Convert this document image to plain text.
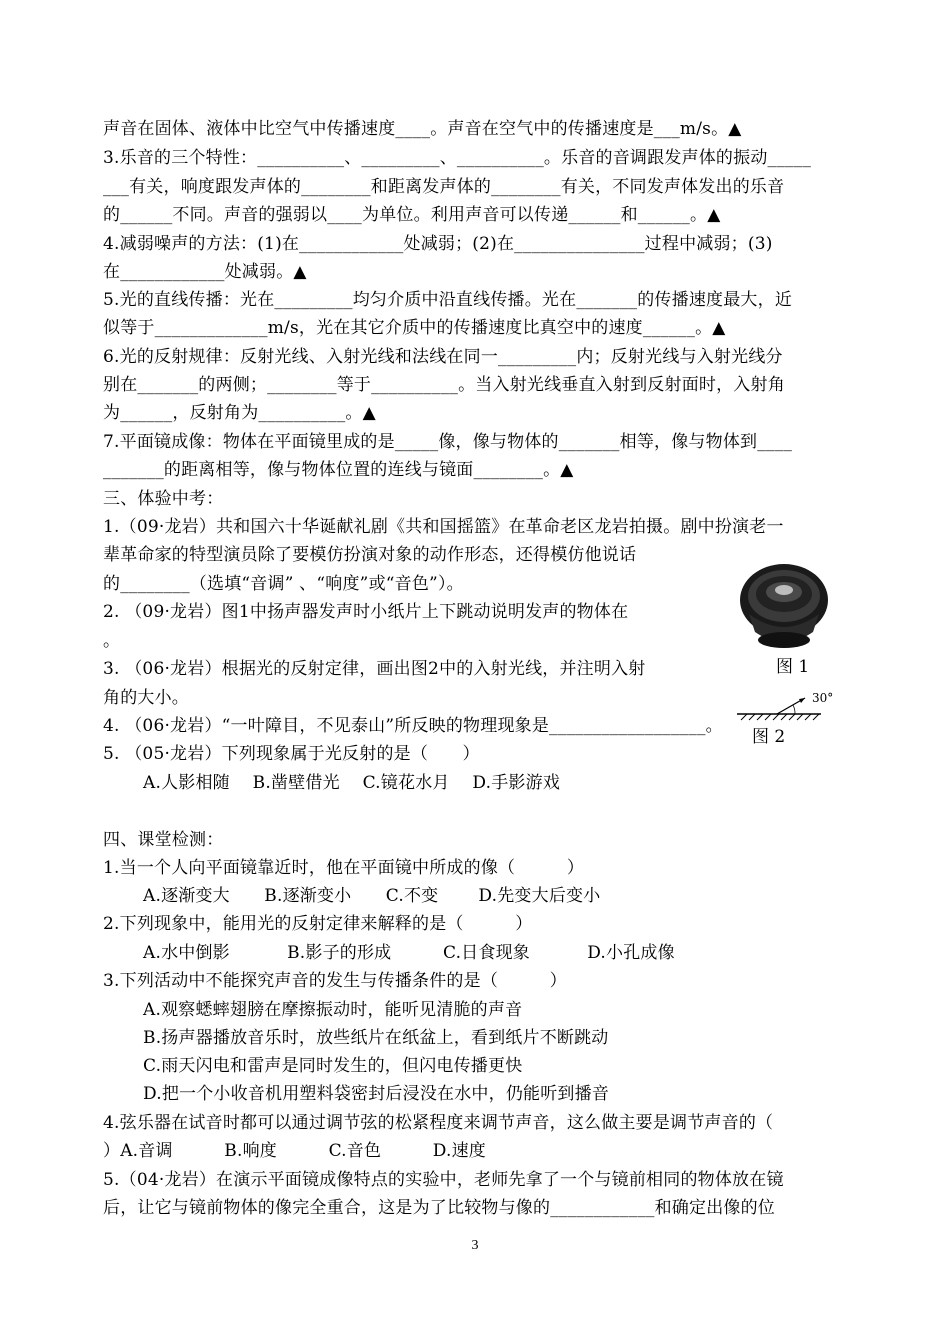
声音在固体、液体中比空气中传播速度____。声音在空气中的传播速度是___m/s。▲
3.乐音的三个特性：__________、_________、__________。乐音的音调跟发声体的振动_____
___有关，响度跟发声体的________和距离发声体的________有关，不同发声体发出的乐音
的______不同。声音的强弱以____为单位。利用声音可以传递______和______。▲
4.减弱噪声的方法：(1)在____________处减弱；(2)在_______________过程中减弱；(3)
在____________处减弱。▲
5.光的直线传播：光在_________均匀介质中沿直线传播。光在_______的传播速度最大，近
似等于_____________m/s，光在其它介质中的传播速度比真空中的速度______。▲
6.光的反射规律：反射光线、入射光线和法线在同一_________内；反射光线与入射光线分
别在_______的两侧；________等于__________。当入射光线垂直入射到反射面时，入射角
为______，反射角为__________。▲
7.平面镜成像：物体在平面镜里成的是_____像，像与物体的_______相等，像与物体到____
_______的距离相等，像与物体位置的连线与镜面________。▲
三、体验中考：
1.（09·龙岩）共和国六十华诞献礼剧《共和国摇篮》在革命老区龙岩拍摄。剧中扮演老一
辈革命家的特型演员除了要模仿扮演对象的动作形态，还得模仿他说话
的________（选填“音调” 、“响度”或“音色”）。
2. （09·龙岩）图1中扬声器发声时小纸片上下跳动说明发声的物体在
。
3. （06·龙岩）根据光的反射定律，画出图2中的入射光线，并注明入射
角的大小。
4. （06·龙岩）“一叶障目，不见泰山”所反映的物理现象是__________________。
5. （05·龙岩）下列现象属于光反射的是（　　）
A.人影相随　 B.凿壁借光　 C.镜花水月　 D.手影游戏
四、课堂检测：
1.当一个人向平面镜靠近时，他在平面镜中所成的像（　　　）
A.逐渐变大　　B.逐渐变小　　C.不变　　 D.先变大后变小
2.下列现象中，能用光的反射定律来解释的是（　　　）
A.水中倒影　　　 B.影子的形成　　　C.日食现象　　　 D.小孔成像
3.下列活动中不能探究声音的发生与传播条件的是（　　　）
A.观察蟋蟀翅膀在摩擦振动时，能听见清脆的声音
B.扬声器播放音乐时，放些纸片在纸盆上，看到纸片不断跳动
C.雨天闪电和雷声是同时发生的，但闪电传播更快
D.把一个小收音机用塑料袋密封后浸没在水中，仍能听到播音
4.弦乐器在试音时都可以通过调节弦的松紧程度来调节声音，这么做主要是调节声音的（
）A.音调　　　B.响度　　　C.音色　　　D.速度
5.（04·龙岩）在演示平面镜成像特点的实验中，老师先拿了一个与镜前相同的物体放在镜
后，让它与镜前物体的像完全重合，这是为了比较物与像的____________和确定出像的位
图 1
30°
图 2
3
